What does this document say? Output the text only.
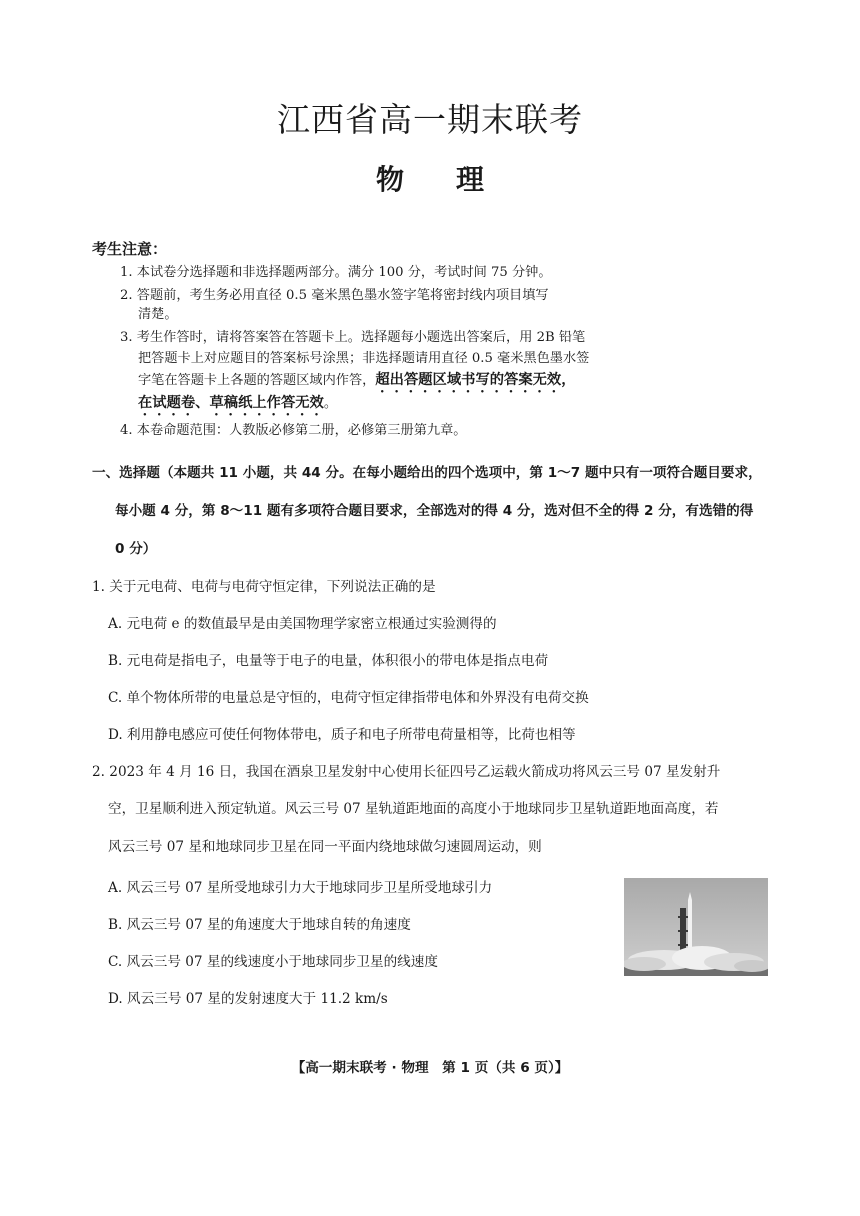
江西省高一期末联考
物 理
考生注意：
1. 本试卷分选择题和非选择题两部分。满分 100 分，考试时间 75 分钟。
2. 答题前，考生务必用直径 0.5 毫米黑色墨水签字笔将密封线内项目填写
清楚。
3. 考生作答时，请将答案答在答题卡上。选择题每小题选出答案后，用 2B 铅笔
把答题卡上对应题目的答案标号涂黑；非选择题请用直径 0.5 毫米黑色墨水签
字笔在答题卡上各题的答题区域内作答，超出答题区域书写的答案无效，
在试题卷、草稿纸上作答无效。
4. 本卷命题范围：人教版必修第二册，必修第三册第九章。
一、选择题（本题共 11 小题，共 44 分。在每小题给出的四个选项中，第 1～7 题中只有一项符合题目要求，
每小题 4 分，第 8～11 题有多项符合题目要求，全部选对的得 4 分，选对但不全的得 2 分，有选错的得
0 分）
1. 关于元电荷、电荷与电荷守恒定律，下列说法正确的是
A. 元电荷 e 的数值最早是由美国物理学家密立根通过实验测得的
B. 元电荷是指电子，电量等于电子的电量，体积很小的带电体是指点电荷
C. 单个物体所带的电量总是守恒的，电荷守恒定律指带电体和外界没有电荷交换
D. 利用静电感应可使任何物体带电，质子和电子所带电荷量相等，比荷也相等
2. 2023 年 4 月 16 日，我国在酒泉卫星发射中心使用长征四号乙运载火箭成功将风云三号 07 星发射升
空，卫星顺利进入预定轨道。风云三号 07 星轨道距地面的高度小于地球同步卫星轨道距地面高度，若
风云三号 07 星和地球同步卫星在同一平面内绕地球做匀速圆周运动，则
A. 风云三号 07 星所受地球引力大于地球同步卫星所受地球引力
B. 风云三号 07 星的角速度大于地球自转的角速度
C. 风云三号 07 星的线速度小于地球同步卫星的线速度
D. 风云三号 07 星的发射速度大于 11.2 km/s
【高一期末联考 · 物理　第 1 页（共 6 页）】
